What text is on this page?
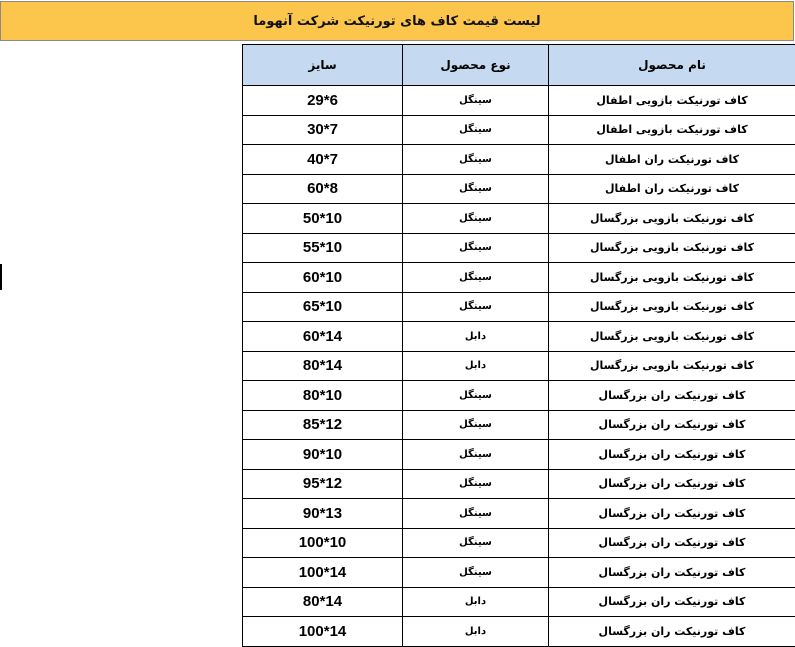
لیست قیمت کاف های تورنیکت شرکت آنهوما
سایز	نوع محصول	نام محصول
29*6	سینگل	کاف تورنیکت بازویی اطفال
30*7	سینگل	کاف تورنیکت بازویی اطفال
40*7	سینگل	کاف تورنیکت ران اطفال
60*8	سینگل	کاف تورنیکت ران اطفال
50*10	سینگل	کاف تورنیکت بازویی بزرگسال
55*10	سینگل	کاف تورنیکت بازویی بزرگسال
60*10	سینگل	کاف تورنیکت بازویی بزرگسال
65*10	سینگل	کاف تورنیکت بازویی بزرگسال
60*14	دابل	کاف تورنیکت بازویی بزرگسال
80*14	دابل	کاف تورنیکت بازویی بزرگسال
80*10	سینگل	کاف تورنیکت ران بزرگسال
85*12	سینگل	کاف تورنیکت ران بزرگسال
90*10	سینگل	کاف تورنیکت ران بزرگسال
95*12	سینگل	کاف تورنیکت ران بزرگسال
90*13	سینگل	کاف تورنیکت ران بزرگسال
100*10	سینگل	کاف تورنیکت ران بزرگسال
100*14	سینگل	کاف تورنیکت ران بزرگسال
80*14	دابل	کاف تورنیکت ران بزرگسال
100*14	دابل	کاف تورنیکت ران بزرگسال
